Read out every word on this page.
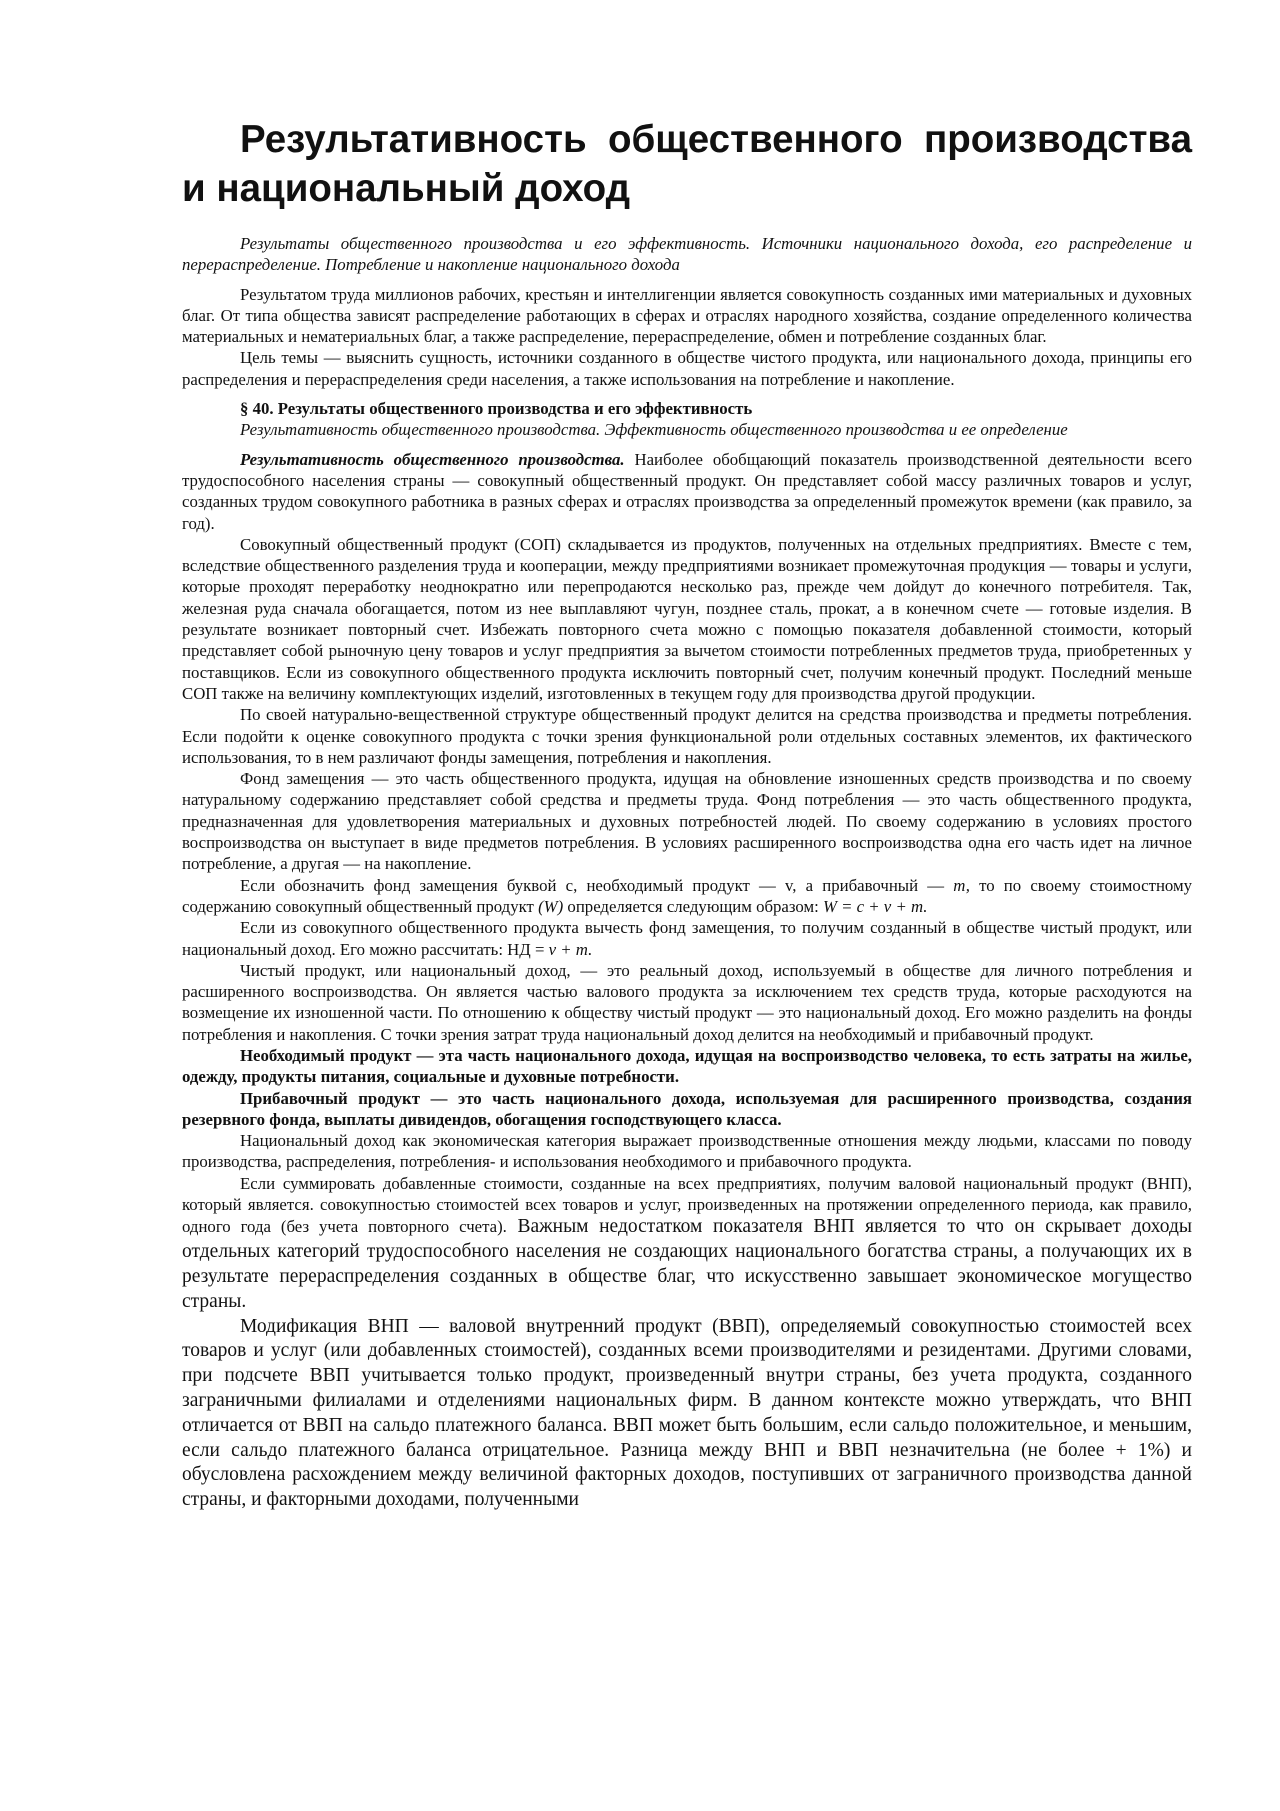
Результативность общественного производства и национальный доход

Результаты общественного производства и его эффективность. Источники национального дохода, его распределение и перераспределение. Потребление и накопление национального дохода

Результатом труда миллионов рабочих, крестьян и интеллигенции является совокупность созданных ими материальных и духовных благ. От типа общества зависят распределение работающих в сферах и отраслях народного хозяйства, создание определенного количества материальных и нематериальных благ, а также распределение, перераспределение, обмен и потребление созданных благ.

Цель темы — выяснить сущность, источники созданного в обществе чистого продукта, или национального дохода, принципы его распределения и перераспределения среди населения, а также использования на потребление и накопление.

§ 40. Результаты общественного производства и его эффективность

Результативность общественного производства. Эффективность общественного производства и ее определение

Результативность общественного производства. Наиболее обобщающий показатель производственной деятельности всего трудоспособного населения страны — совокупный общественный продукт. Он представляет собой массу различных товаров и услуг, созданных трудом совокупного работника в разных сферах и отраслях производства за определенный промежуток времени (как правило, за год).

Совокупный общественный продукт (СОП) складывается из продуктов, полученных на отдельных предприятиях. Вместе с тем, вследствие общественного разделения труда и кооперации, между предприятиями возникает промежуточная продукция — товары и услуги, которые проходят переработку неоднократно или перепродаются несколько раз, прежде чем дойдут до конечного потребителя. Так, железная руда сначала обогащается, потом из нее выплавляют чугун, позднее сталь, прокат, а в конечном счете — готовые изделия. В результате возникает повторный счет. Избежать повторного счета можно с помощью показателя добавленной стоимости, который представляет собой рыночную цену товаров и услуг предприятия за вычетом стоимости потребленных предметов труда, приобретенных у поставщиков. Если из совокупного общественного продукта исключить повторный счет, получим конечный продукт. Последний меньше СОП также на величину комплектующих изделий, изготовленных в текущем году для производства другой продукции.

По своей натурально-вещественной структуре общественный продукт делится на средства производства и предметы потребления. Если подойти к оценке совокупного продукта с точки зрения функциональной роли отдельных составных элементов, их фактического использования, то в нем различают фонды замещения, потребления и накопления.

Фонд замещения — это часть общественного продукта, идущая на обновление изношенных средств производства и по своему натуральному содержанию представляет собой средства и предметы труда. Фонд потребления — это часть общественного продукта, предназначенная для удовлетворения материальных и духовных потребностей людей. По своему содержанию в условиях простого воспроизводства он выступает в виде предметов потребления. В условиях расширенного воспроизводства одна его часть идет на личное потребление, а другая — на накопление.

Если обозначить фонд замещения буквой с, необходимый продукт — v, а прибавочный — т, то по своему стоимостному содержанию совокупный общественный продукт (W) определяется следующим образом: W = с + v + т.

Если из совокупного общественного продукта вычесть фонд замещения, то получим созданный в обществе чистый продукт, или национальный доход. Его можно рассчитать: НД = v + т.

Чистый продукт, или национальный доход, — это реальный доход, используемый в обществе для личного потребления и расширенного воспроизводства. Он является частью валового продукта за исключением тех средств труда, которые расходуются на возмещение их изношенной части. По отношению к обществу чистый продукт — это национальный доход. Его можно разделить на фонды потребления и накопления. С точки зрения затрат труда национальный доход делится на необходимый и прибавочный продукт.

Необходимый продукт — эта часть национального дохода, идущая на воспроизводство человека, то есть затраты на жилье, одежду, продукты питания, социальные и духовные потребности.

Прибавочный продукт — это часть национального дохода, используемая для расширенного производства, создания резервного фонда, выплаты дивидендов, обогащения господствующего класса.

Национальный доход как экономическая категория выражает производственные отношения между людьми, классами по поводу производства, распределения, потребления- и использования необходимого и прибавочного продукта.

Если суммировать добавленные стоимости, созданные на всех предприятиях, получим валовой национальный продукт (ВНП), который является. совокупностью стоимостей всех товаров и услуг, произведенных на протяжении определенного периода, как правило, одного года (без учета повторного счета). Важным недостатком показателя ВНП является то что он скрывает доходы отдельных категорий трудоспособного населения не создающих национального богатства страны, а получающих их в результате перераспределения созданных в обществе благ, что искусственно завышает экономическое могущество страны.

Модификация ВНП — валовой внутренний продукт (ВВП), определяемый совокупностью стоимостей всех товаров и услуг (или добавленных стоимостей), созданных всеми производителями и резидентами. Другими словами, при подсчете ВВП учитывается только продукт, произведенный внутри страны, без учета продукта, созданного заграничными филиалами и отделениями национальных фирм. В данном контексте можно утверждать, что ВНП отличается от ВВП на сальдо платежного баланса. ВВП может быть большим, если сальдо положительное, и меньшим, если сальдо платежного баланса отрицательное. Разница между ВНП и ВВП незначительна (не более + 1%) и обусловлена расхождением между величиной факторных доходов, поступивших от заграничного производства данной страны, и факторными доходами, полученными
